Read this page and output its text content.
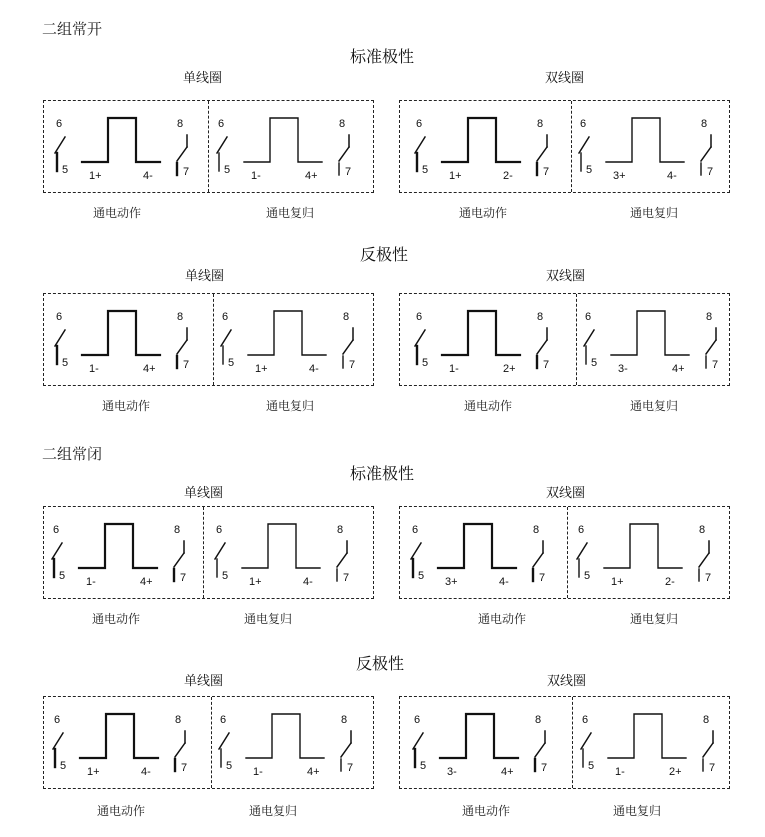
二组常开
标准极性
单线圈
6
5 1+	4-
8
7
6
5 1-	4+
8
7
通电动作	通电复归
双线圈
6
5 1+	2-
8
7
6
5 3+	4-
8
7
通电动作	通电复归
反极性
单线圈
6
5 1-	4+
8
7
6
5 1+	4-
8
7
通电动作	通电复归
双线圈
6
5 1-	2+
8
7
6
5 3-	4+
8
7
通电动作	通电复归
二组常闭
标准极性
单线圈
6
5 1-	4+
8
7
6
5 1+	4-
8
7
通电动作	通电复归
双线圈
6
5 3+	4-
8
7
6
5 1+	2-
8
7
通电动作	通电复归
反极性
单线圈
6
5 1+	4-
8
7
6
5 1-	4+
8
7
通电动作	通电复归
双线圈
6
5 3-	4+
8
7
6
5 1-	2+
8
7
通电动作	通电复归
